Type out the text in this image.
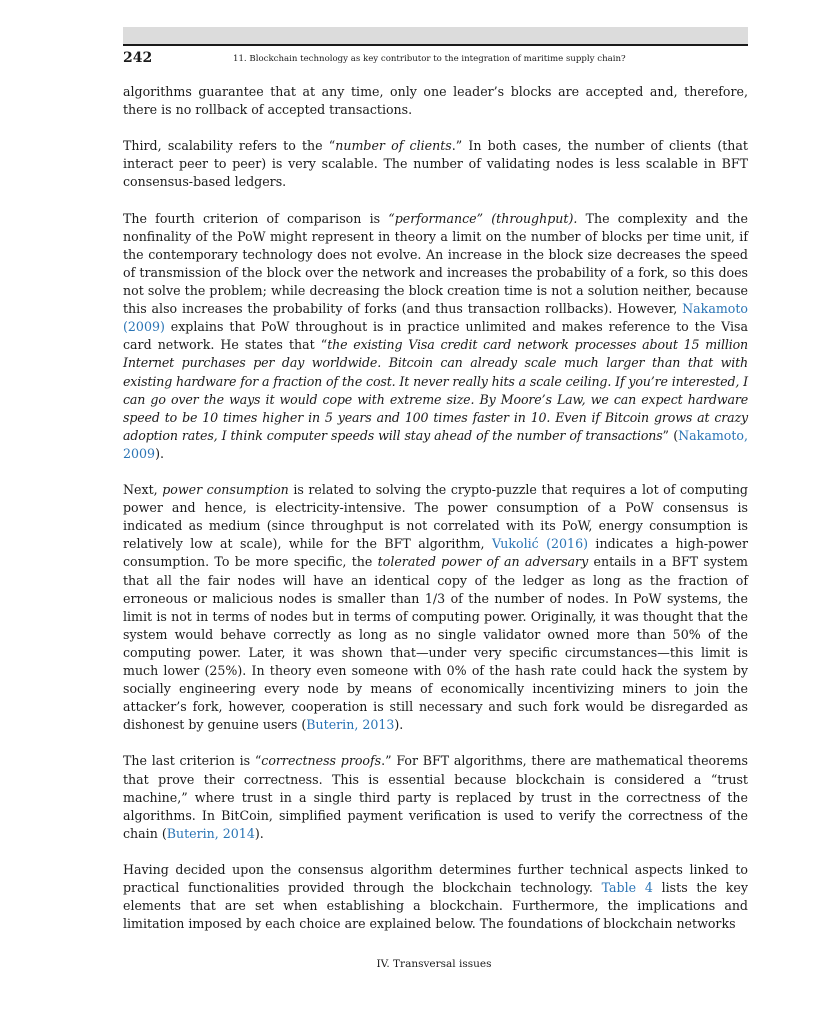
242	11. Blockchain technology as key contributor to the integration of maritime supply chain?

algorithms guarantee that at any time, only one leader’s blocks are accepted and, therefore, there is no rollback of accepted transactions.

Third, scalability refers to the “number of clients.” In both cases, the number of clients (that interact peer to peer) is very scalable. The number of validating nodes is less scalable in BFT consensus-based ledgers.

The fourth criterion of comparison is “performance” (throughput). The complexity and the nonfinality of the PoW might represent in theory a limit on the number of blocks per time unit, if the contemporary technology does not evolve. An increase in the block size decreases the speed of transmission of the block over the network and increases the probability of a fork, so this does not solve the problem; while decreasing the block creation time is not a solution neither, because this also increases the probability of forks (and thus transaction rollbacks). However, Nakamoto (2009) explains that PoW throughout is in practice unlimited and makes reference to the Visa card network. He states that “the existing Visa credit card network processes about 15 million Internet purchases per day worldwide. Bitcoin can already scale much larger than that with existing hardware for a fraction of the cost. It never really hits a scale ceiling. If you’re interested, I can go over the ways it would cope with extreme size. By Moore’s Law, we can expect hardware speed to be 10 times higher in 5 years and 100 times faster in 10. Even if Bitcoin grows at crazy adoption rates, I think computer speeds will stay ahead of the number of transactions” (Nakamoto, 2009).

Next, power consumption is related to solving the crypto-puzzle that requires a lot of computing power and hence, is electricity-intensive. The power consumption of a PoW consensus is indicated as medium (since throughput is not correlated with its PoW, energy consumption is relatively low at scale), while for the BFT algorithm, Vukolić (2016) indicates a high-power consumption. To be more specific, the tolerated power of an adversary entails in a BFT system that all the fair nodes will have an identical copy of the ledger as long as the fraction of erroneous or malicious nodes is smaller than 1/3 of the number of nodes. In PoW systems, the limit is not in terms of nodes but in terms of computing power. Originally, it was thought that the system would behave correctly as long as no single validator owned more than 50% of the computing power. Later, it was shown that—under very specific circumstances—this limit is much lower (25%). In theory even someone with 0% of the hash rate could hack the system by socially engineering every node by means of economically incentivizing miners to join the attacker’s fork, however, cooperation is still necessary and such fork would be disregarded as dishonest by genuine users (Buterin, 2013).

The last criterion is “correctness proofs.” For BFT algorithms, there are mathematical theorems that prove their correctness. This is essential because blockchain is considered a “trust machine,” where trust in a single third party is replaced by trust in the correctness of the algorithms. In BitCoin, simplified payment verification is used to verify the correctness of the chain (Buterin, 2014).

Having decided upon the consensus algorithm determines further technical aspects linked to practical functionalities provided through the blockchain technology. Table 4 lists the key elements that are set when establishing a blockchain. Furthermore, the implications and limitation imposed by each choice are explained below. The foundations of blockchain networks

IV. Transversal issues
